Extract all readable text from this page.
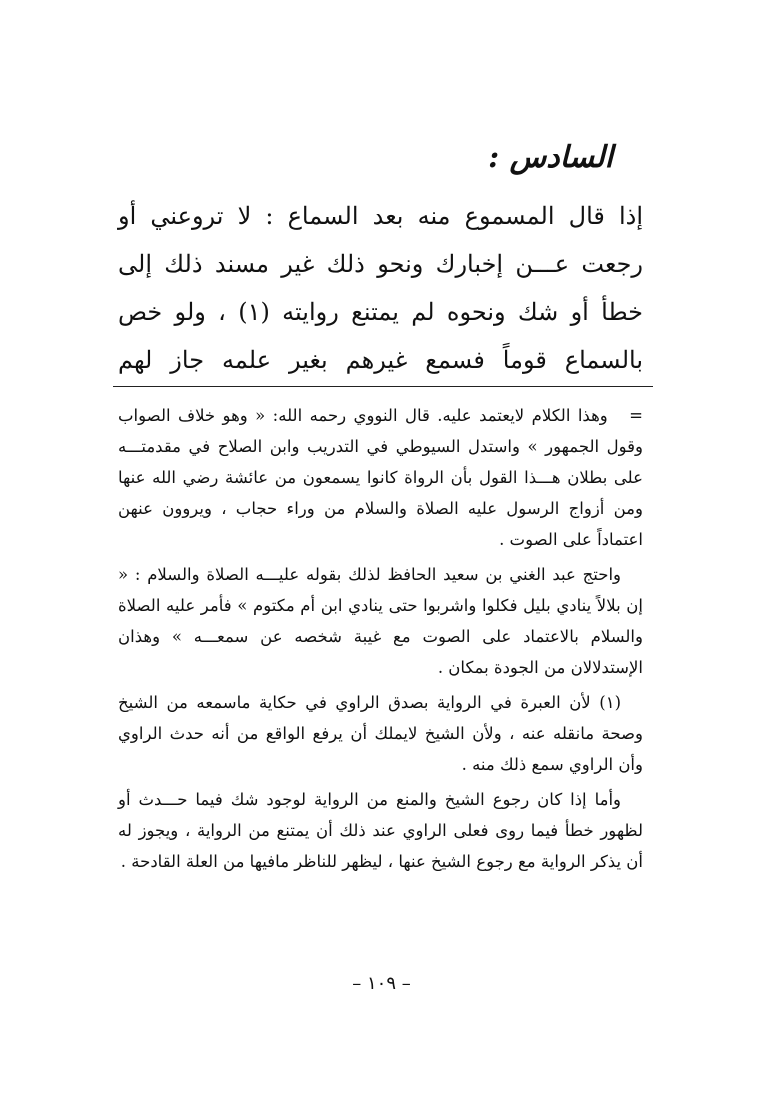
السادس :

إذا قال المسموع منه بعد السماع : لا تروعني أو رجعت عـــن إخبارك ونحو ذلك غير مسند ذلك إلى خطأ أو شك ونحوه لم يمتنع روايته (١) ، ولو خص بالسماع قوماً فسمع غيرهم بغير علمه جاز لهم

= وهذا الكلام لايعتمد عليه. قال النووي رحمه الله: « وهو خلاف الصواب وقول الجمهور » واستدل السيوطي في التدريب وابن الصلاح في مقدمتـــه على بطلان هـــذا القول بأن الرواة كانوا يسمعون من عائشة رضي الله عنها ومن أزواج الرسول عليه الصلاة والسلام من وراء حجاب ، ويروون عنهن اعتماداً على الصوت .

واحتج عبد الغني بن سعيد الحافظ لذلك بقوله عليـــه الصلاة والسلام : « إن بلالاً ينادي بليل فكلوا واشربوا حتى ينادي ابن أم مكتوم » فأمر عليه الصلاة والسلام بالاعتماد على الصوت مع غيبة شخصه عن سمعـــه » وهذان الإستدلالان من الجودة بمكان .

(١) لأن العبرة في الرواية بصدق الراوي في حكاية ماسمعه من الشيخ وصحة مانقله عنه ، ولأن الشيخ لايملك أن يرفع الواقع من أنه حدث الراوي وأن الراوي سمع ذلك منه .

وأما إذا كان رجوع الشيخ والمنع من الرواية لوجود شك فيما حـــدث أو لظهور خطأ فيما روى فعلى الراوي عند ذلك أن يمتنع من الرواية ، ويجوز له أن يذكر الرواية مع رجوع الشيخ عنها ، ليظهر للناظر مافيها من العلة القادحة .

– ١٠٩ –
